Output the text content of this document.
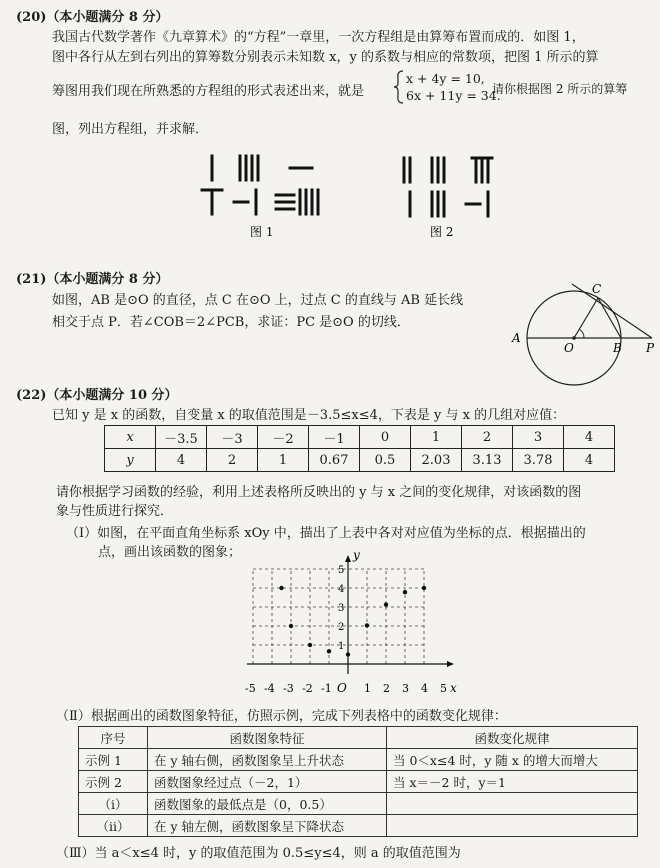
(20)（本小题满分 8 分）
我国古代数学著作《九章算术》的“方程”一章里，一次方程组是由算筹布置而成的．如图 1，
图中各行从左到右列出的算筹数分别表示未知数 x，y 的系数与相应的常数项，把图 1 所示的算
筹图用我们现在所熟悉的方程组的形式表述出来，就是
x + 4y = 10,
6x + 11y = 34.
请你根据图 2 所示的算筹
图，列出方程组，并求解．
图 1	图 2
(21)（本小题满分 8 分）
如图，AB 是⊙O 的直径，点 C 在⊙O 上，过点 C 的直线与 AB 延长线
相交于点 P．若∠COB＝2∠PCB，求证：PC 是⊙O 的切线．
A
O	B P
C
(22)（本小题满分 10 分）
已知 y 是 x 的函数，自变量 x 的取值范围是－3.5≤x≤4，下表是 y 与 x 的几组对应值：
x	－3.5	－3	－2	－1	0	1	2	3	4
y	4	2	1	0.67	0.5	2.03	3.13	3.78	4
请你根据学习函数的经验，利用上述表格所反映出的 y 与 x 之间的变化规律，对该函数的图
象与性质进行探究．
（Ⅰ）如图，在平面直角坐标系 xOy 中，描出了上表中各对对应值为坐标的点．根据描出的
点，画出该函数的图象；
x
y
O
-5 -4 -3 -2 -1	1 2 3 4 5
1
2
3
4
5
（Ⅱ）根据画出的函数图象特征，仿照示例，完成下列表格中的函数变化规律：
序号	函数图象特征	函数变化规律
示例 1	在 y 轴右侧，函数图象呈上升状态	当 0＜x≤4 时，y 随 x 的增大而增大
示例 2	函数图象经过点（－2，1）	当 x＝－2 时，y＝1
（ⅰ）	函数图象的最低点是（0，0.5）	
（ⅱ）	在 y 轴左侧，函数图象呈下降状态	
（Ⅲ）当 a＜x≤4 时，y 的取值范围为 0.5≤y≤4，则 a 的取值范围为
